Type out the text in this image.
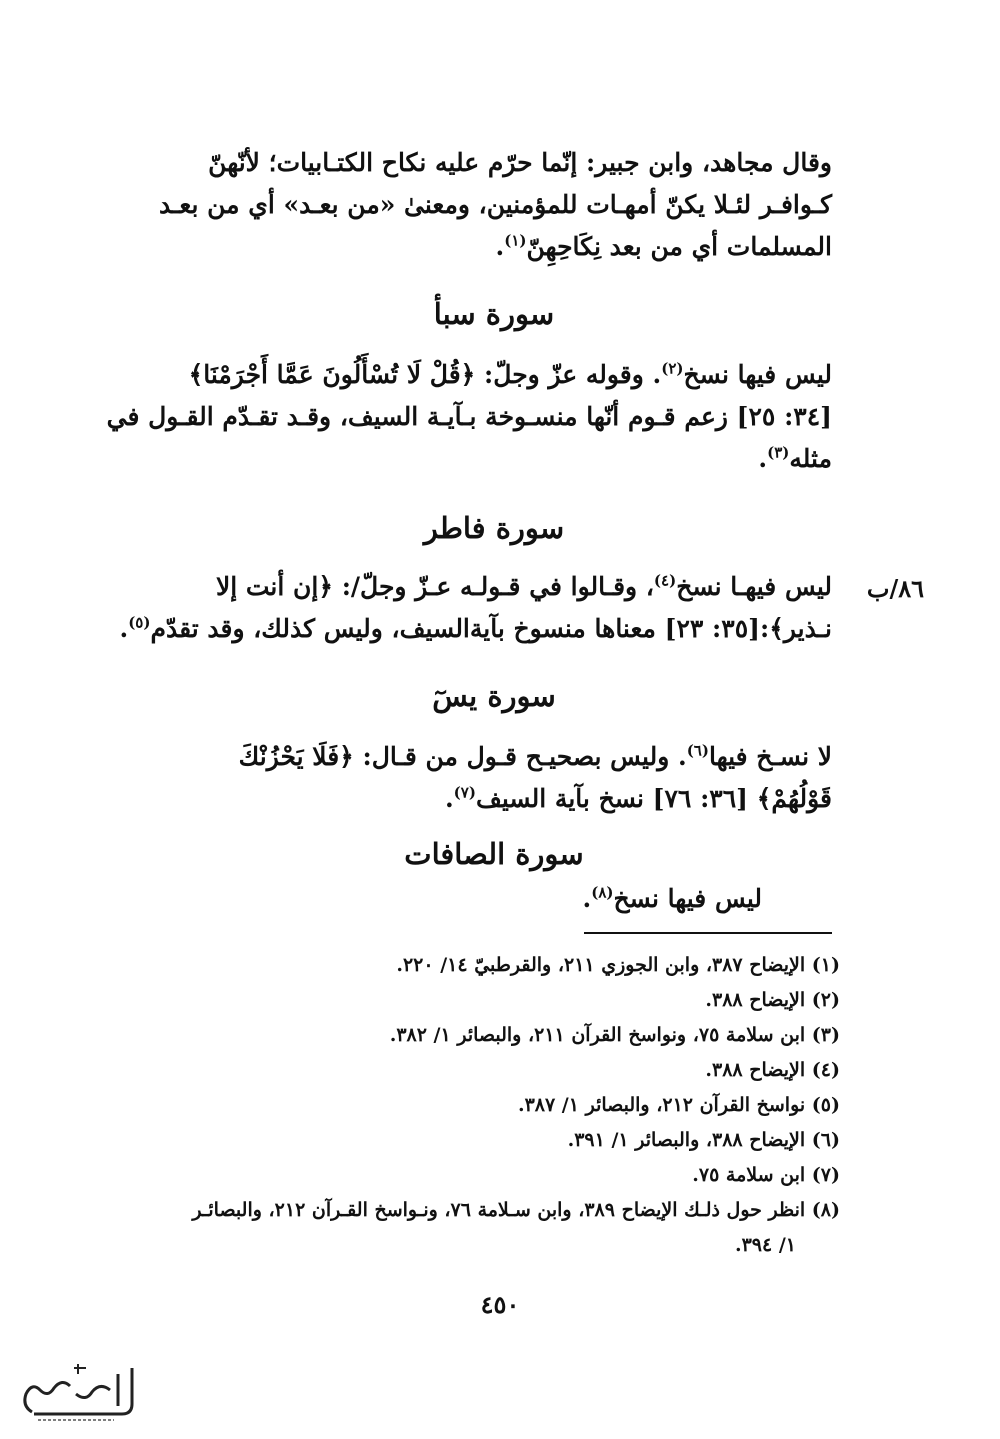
وقال مجاهد، وابن جبير: إنّما حرّم عليه نكاح الكتـابيات؛ لأنّهنّ
كـوافـر لئـلا يكنّ أمهـات للمؤمنين، ومعنىٰ «من بعـد» أي من بعـد
المسلمات أي من بعد نِكَاحِهِنّ$^{(١)}$.
سورة سبأ
ليس فيها نسخ$^{(٢)}$. وقوله عزّ وجلّ: ﴿قُلْ لَا تُسْأَلُونَ عَمَّا أَجْرَمْنَا﴾
[٣٤: ٢٥] زعم قـوم أنّها منسـوخة بـآيـة السيف، وقـد تقـدّم القـول في
مثله$^{(٣)}$.
سورة فاطر
٨٦/ب
ليس فيهـا نسخ$^{(٤)}$، وقـالوا في قـولـه عـزّ وجلّ/: ﴿إن أنت إلا
نـذير﴾:[٣٥: ٢٣] معناها منسوخ بآيةالسيف، وليس كذلك، وقد تقدّم$^{(٥)}$.
سورة يسٓ
لا نسـخ فيها$^{(٦)}$. وليس بصحيـح قـول من قـال: ﴿فَلَا يَحْزُنْكَ
قَوْلُهُمْ﴾ [٣٦: ٧٦] نسخ بآية السيف$^{(٧)}$.
سورة الصافات
ليس فيها نسخ$^{(٨)}$.
(١) الإيضاح ٣٨٧، وابن الجوزي ٢١١، والقرطبيّ ١٤/ ٢٢٠.
(٢) الإيضاح ٣٨٨.
(٣) ابن سلامة ٧٥، ونواسخ القرآن ٢١١، والبصائر ١/ ٣٨٢.
(٤) الإيضاح ٣٨٨.
(٥) نواسخ القرآن ٢١٢، والبصائر ١/ ٣٨٧.
(٦) الإيضاح ٣٨٨، والبصائر ١/ ٣٩١.
(٧) ابن سلامة ٧٥.
(٨) انظر حول ذلـك الإيضاح ٣٨٩، وابن سـلامة ٧٦، ونـواسخ القـرآن ٢١٢، والبصائـر
١/ ٣٩٤.
٤٥٠
